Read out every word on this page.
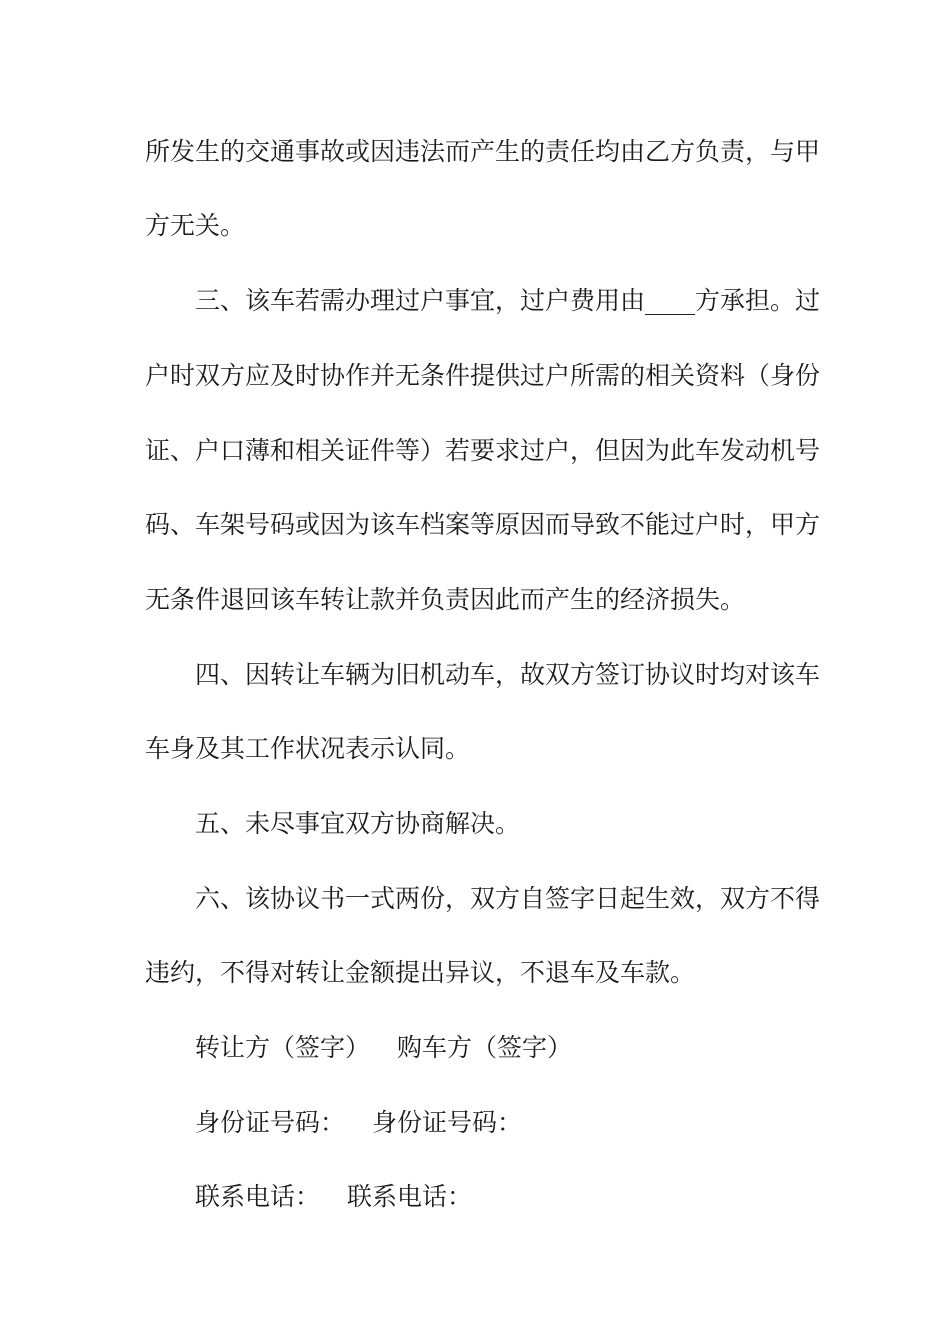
所发生的交通事故或因违法而产生的责任均由乙方负责，与甲
方无关。
三、该车若需办理过户事宜，过户费用由____方承担。过
户时双方应及时协作并无条件提供过户所需的相关资料（身份
证、户口薄和相关证件等）若要求过户，但因为此车发动机号
码、车架号码或因为该车档案等原因而导致不能过户时，甲方
无条件退回该车转让款并负责因此而产生的经济损失。
四、因转让车辆为旧机动车，故双方签订协议时均对该车
车身及其工作状况表示认同。
五、未尽事宜双方协商解决。
六、该协议书一式两份，双方自签字日起生效，双方不得
违约，不得对转让金额提出异议，不退车及车款。
转让方（签字） 购车方（签字）
身份证号码： 身份证号码：
联系电话： 联系电话：
